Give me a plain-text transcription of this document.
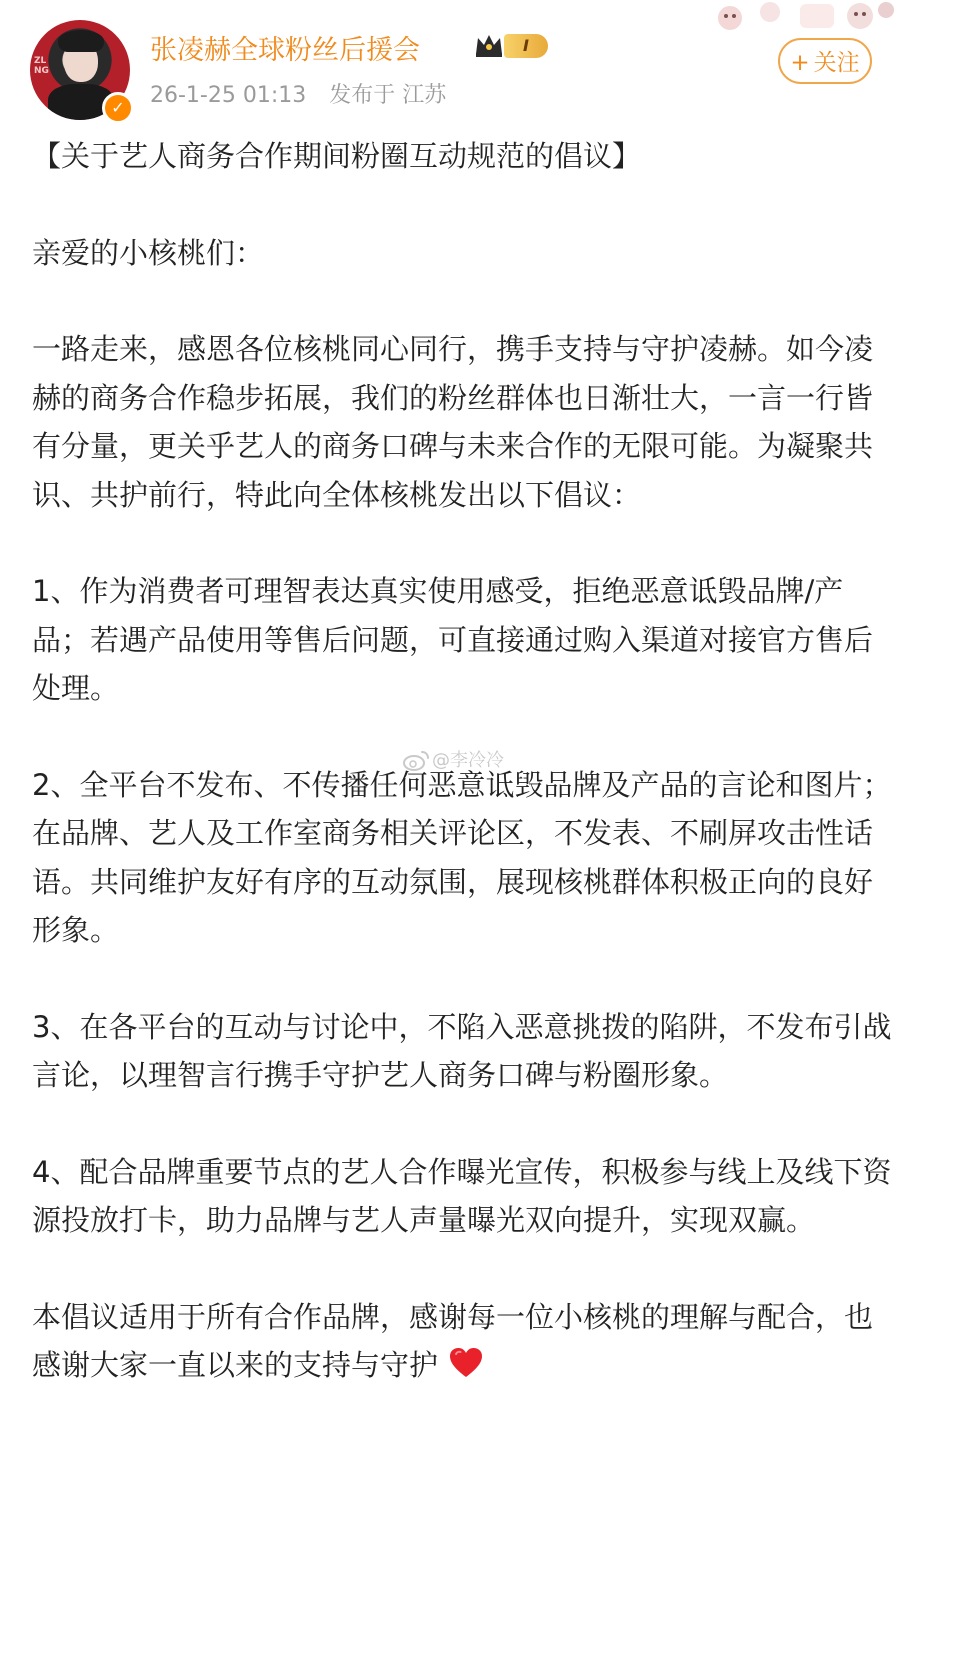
ZL
NG
✓
张凌赫全球粉丝后援会	I
26-1-25 01:13 发布于 江苏
+ 关注

【关于艺人商务合作期间粉圈互动规范的倡议】

亲爱的小核桃们：

一路走来，感恩各位核桃同心同行，携手支持与守护凌赫。如今凌赫的商务合作稳步拓展，我们的粉丝群体也日渐壮大，一言一行皆有分量，更关乎艺人的商务口碑与未来合作的无限可能。为凝聚共识、共护前行，特此向全体核桃发出以下倡议：

1、作为消费者可理智表达真实使用感受，拒绝恶意诋毁品牌/产品；若遇产品使用等售后问题，可直接通过购入渠道对接官方售后处理。

2、全平台不发布、不传播任何恶意诋毁品牌及产品的言论和图片；在品牌、艺人及工作室商务相关评论区，不发表、不刷屏攻击性话语。共同维护友好有序的互动氛围，展现核桃群体积极正向的良好形象。

3、在各平台的互动与讨论中，不陷入恶意挑拨的陷阱，不发布引战言论，以理智言行携手守护艺人商务口碑与粉圈形象。

4、配合品牌重要节点的艺人合作曝光宣传，积极参与线上及线下资源投放打卡，助力品牌与艺人声量曝光双向提升，实现双赢。

本倡议适用于所有合作品牌，感谢每一位小核桃的理解与配合，也感谢大家一直以来的支持与守护

@李冷冷
